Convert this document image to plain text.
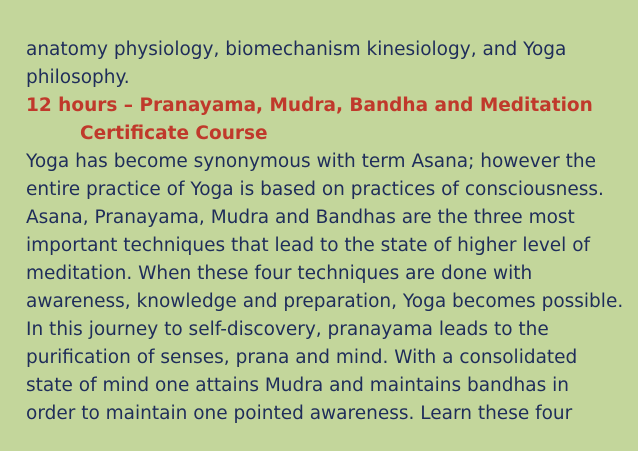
anatomy physiology, biomechanism kinesiology, and Yoga

philosophy.

12 hours – Pranayama, Mudra, Bandha and Meditation
Certificate Course

Yoga has become synonymous with term Asana; however the

entire practice of Yoga is based on practices of consciousness.

Asana, Pranayama, Mudra and Bandhas are the three most

important techniques that lead to the state of higher level of

meditation. When these four techniques are done with

awareness, knowledge and preparation, Yoga becomes possible.

In this journey to self-discovery, pranayama leads to the

purification of senses, prana and mind. With a consolidated

state of mind one attains Mudra and maintains bandhas in

order to maintain one pointed awareness. Learn these four
